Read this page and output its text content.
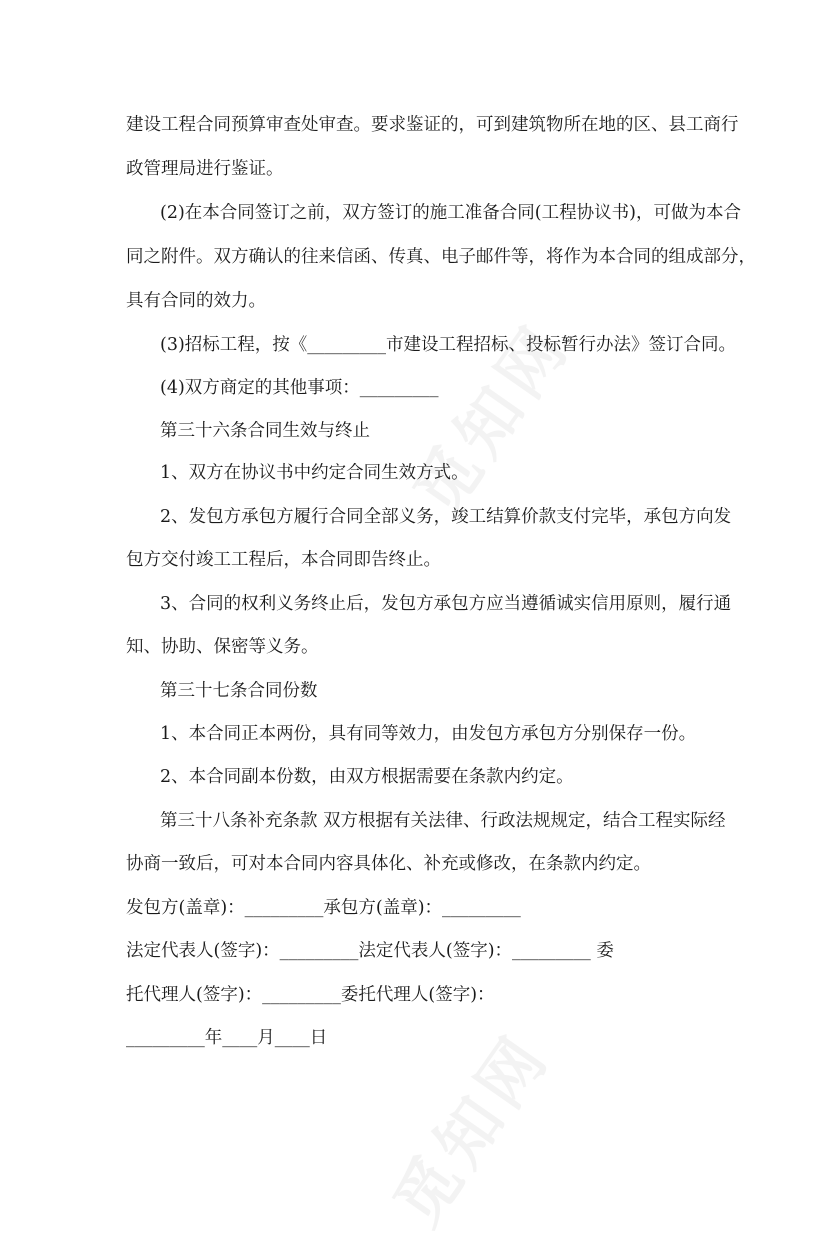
建设工程合同预算审查处审查。要求鉴证的，可到建筑物所在地的区、县工商行

政管理局进行鉴证。

(2)在本合同签订之前，双方签订的施工准备合同(工程协议书)，可做为本合

同之附件。双方确认的往来信函、传真、电子邮件等，将作为本合同的组成部分，

具有合同的效力。

(3)招标工程，按《_________市建设工程招标、投标暂行办法》签订合同。

(4)双方商定的其他事项：_________

第三十六条合同生效与终止

1、双方在协议书中约定合同生效方式。

2、发包方承包方履行合同全部义务，竣工结算价款支付完毕，承包方向发

包方交付竣工工程后，本合同即告终止。

3、合同的权利义务终止后，发包方承包方应当遵循诚实信用原则，履行通

知、协助、保密等义务。

第三十七条合同份数

1、本合同正本两份，具有同等效力，由发包方承包方分别保存一份。

2、本合同副本份数，由双方根据需要在条款内约定。

第三十八条补充条款 双方根据有关法律、行政法规规定，结合工程实际经

协商一致后，可对本合同内容具体化、补充或修改，在条款内约定。

发包方(盖章)：_________承包方(盖章)：_________

法定代表人(签字)：_________法定代表人(签字)：_________ 委

托代理人(签字)：_________委托代理人(签字)：

_________年____月____日
